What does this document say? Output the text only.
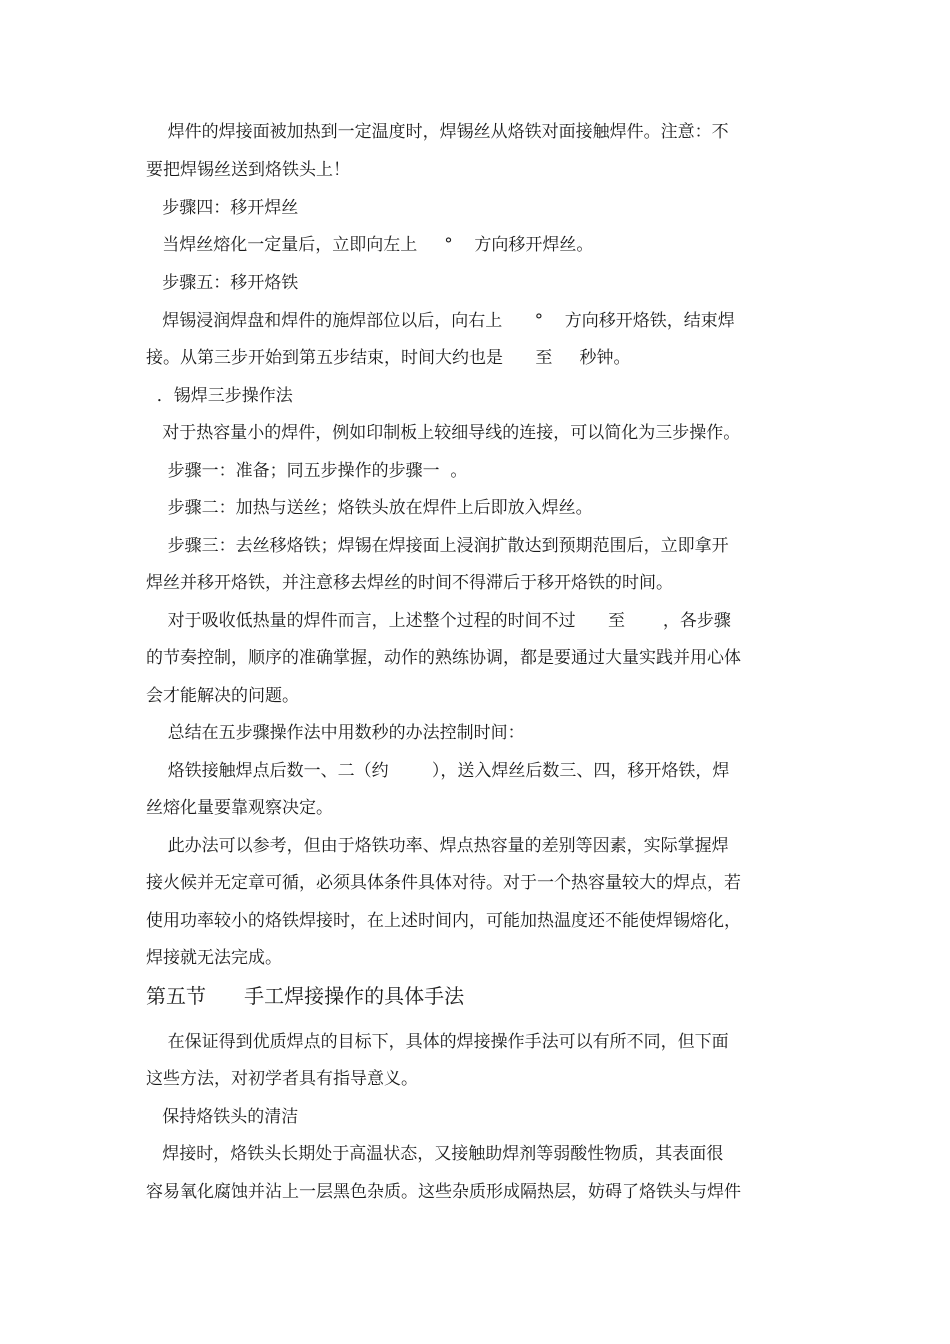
焊件的焊接面被加热到一定温度时，焊锡丝从烙铁对面接触焊件。注意：不
要把焊锡丝送到烙铁头上！
步骤四：移开焊丝
当焊丝熔化一定量后，立即向左上     °    方向移开焊丝。
步骤五：移开烙铁
焊锡浸润焊盘和焊件的施焊部位以后，向右上      °    方向移开烙铁，结束焊
接。从第三步开始到第五步结束，时间大约也是      至     秒钟。
．锡焊三步操作法
对于热容量小的焊件，例如印制板上较细导线的连接，可以简化为三步操作。
步骤一：准备；同五步操作的步骤一  。
步骤二：加热与送丝；烙铁头放在焊件上后即放入焊丝。
步骤三：去丝移烙铁；焊锡在焊接面上浸润扩散达到预期范围后，立即拿开
焊丝并移开烙铁，并注意移去焊丝的时间不得滞后于移开烙铁的时间。
对于吸收低热量的焊件而言，上述整个过程的时间不过      至       ，各步骤
的节奏控制，顺序的准确掌握，动作的熟练协调，都是要通过大量实践并用心体
会才能解决的问题。
总结在五步骤操作法中用数秒的办法控制时间：
烙铁接触焊点后数一、二（约        ），送入焊丝后数三、四，移开烙铁，焊
丝熔化量要靠观察决定。
此办法可以参考，但由于烙铁功率、焊点热容量的差别等因素，实际掌握焊
接火候并无定章可循，必须具体条件具体对待。对于一个热容量较大的焊点，若
使用功率较小的烙铁焊接时，在上述时间内，可能加热温度还不能使焊锡熔化，
焊接就无法完成。
第五节      手工焊接操作的具体手法
在保证得到优质焊点的目标下，具体的焊接操作手法可以有所不同，但下面
这些方法，对初学者具有指导意义。
保持烙铁头的清洁
焊接时，烙铁头长期处于高温状态，又接触助焊剂等弱酸性物质，其表面很
容易氧化腐蚀并沾上一层黑色杂质。这些杂质形成隔热层，妨碍了烙铁头与焊件
